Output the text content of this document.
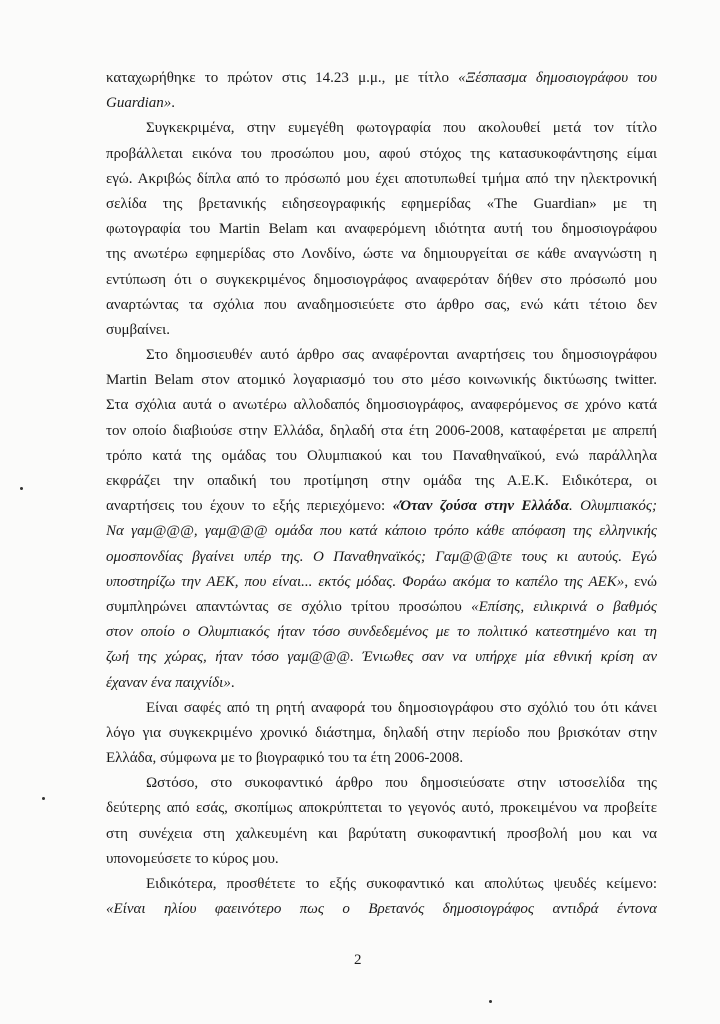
καταχωρήθηκε το πρώτον στις 14.23 μ.μ., με τίτλο «Ξέσπασμα δημοσιογράφου του
Guardian».
Συγκεκριμένα, στην ευμεγέθη φωτογραφία που ακολουθεί μετά τον τίτλο
προβάλλεται εικόνα του προσώπου μου, αφού στόχος της κατασυκοφάντησης είμαι
εγώ. Ακριβώς δίπλα από το πρόσωπό μου έχει αποτυπωθεί τμήμα από την ηλεκτρονική
σελίδα της βρετανικής ειδησεογραφικής εφημερίδας «The Guardian» με τη
φωτογραφία του Martin Belam και αναφερόμενη ιδιότητα αυτή του δημοσιογράφου
της ανωτέρω εφημερίδας στο Λονδίνο, ώστε να δημιουργείται σε κάθε αναγνώστη η
εντύπωση ότι ο συγκεκριμένος δημοσιογράφος αναφερόταν δήθεν στο πρόσωπό μου
αναρτώντας τα σχόλια που αναδημοσιεύετε στο άρθρο σας, ενώ κάτι τέτοιο δεν
συμβαίνει.
Στο δημοσιευθέν αυτό άρθρο σας αναφέρονται αναρτήσεις του δημοσιογράφου
Martin Belam στον ατομικό λογαριασμό του στο μέσο κοινωνικής δικτύωσης twitter.
Στα σχόλια αυτά ο ανωτέρω αλλοδαπός δημοσιογράφος, αναφερόμενος σε χρόνο κατά
τον οποίο διαβιούσε στην Ελλάδα, δηλαδή στα έτη 2006-2008, καταφέρεται με απρεπή
τρόπο κατά της ομάδας του Ολυμπιακού και του Παναθηναϊκού, ενώ παράλληλα
εκφράζει την οπαδική του προτίμηση στην ομάδα της Α.Ε.Κ. Ειδικότερα, οι
αναρτήσεις του έχουν το εξής περιεχόμενο: «Όταν ζούσα στην Ελλάδα. Ολυμπιακός;
Να γαμ@@@, γαμ@@@ ομάδα που κατά κάποιο τρόπο κάθε απόφαση της ελληνικής
ομοσπονδίας βγαίνει υπέρ της. Ο Παναθηναϊκός; Γαμ@@@τε τους κι αυτούς. Εγώ
υποστηρίζω την ΑΕΚ, που είναι... εκτός μόδας. Φοράω ακόμα το καπέλο της ΑΕΚ», ενώ
συμπληρώνει απαντώντας σε σχόλιο τρίτου προσώπου «Επίσης, ειλικρινά ο βαθμός
στον οποίο ο Ολυμπιακός ήταν τόσο συνδεδεμένος με το πολιτικό κατεστημένο και τη
ζωή της χώρας, ήταν τόσο γαμ@@@. Ένιωθες σαν να υπήρχε μία εθνική κρίση αν
έχαναν ένα παιχνίδι».
Είναι σαφές από τη ρητή αναφορά του δημοσιογράφου στο σχόλιό του ότι κάνει
λόγο για συγκεκριμένο χρονικό διάστημα, δηλαδή στην περίοδο που βρισκόταν στην
Ελλάδα, σύμφωνα με το βιογραφικό του τα έτη 2006-2008.
Ωστόσο, στο συκοφαντικό άρθρο που δημοσιεύσατε στην ιστοσελίδα της
δεύτερης από εσάς, σκοπίμως αποκρύπτεται το γεγονός αυτό, προκειμένου να προβείτε
στη συνέχεια στη χαλκευμένη και βαρύτατη συκοφαντική προσβολή μου και να
υπονομεύσετε το κύρος μου.
Ειδικότερα, προσθέτετε το εξής συκοφαντικό και απολύτως ψευδές κείμενο:
«Είναι ηλίου φαεινότερο πως ο Βρετανός δημοσιογράφος αντιδρά έντονα
2
